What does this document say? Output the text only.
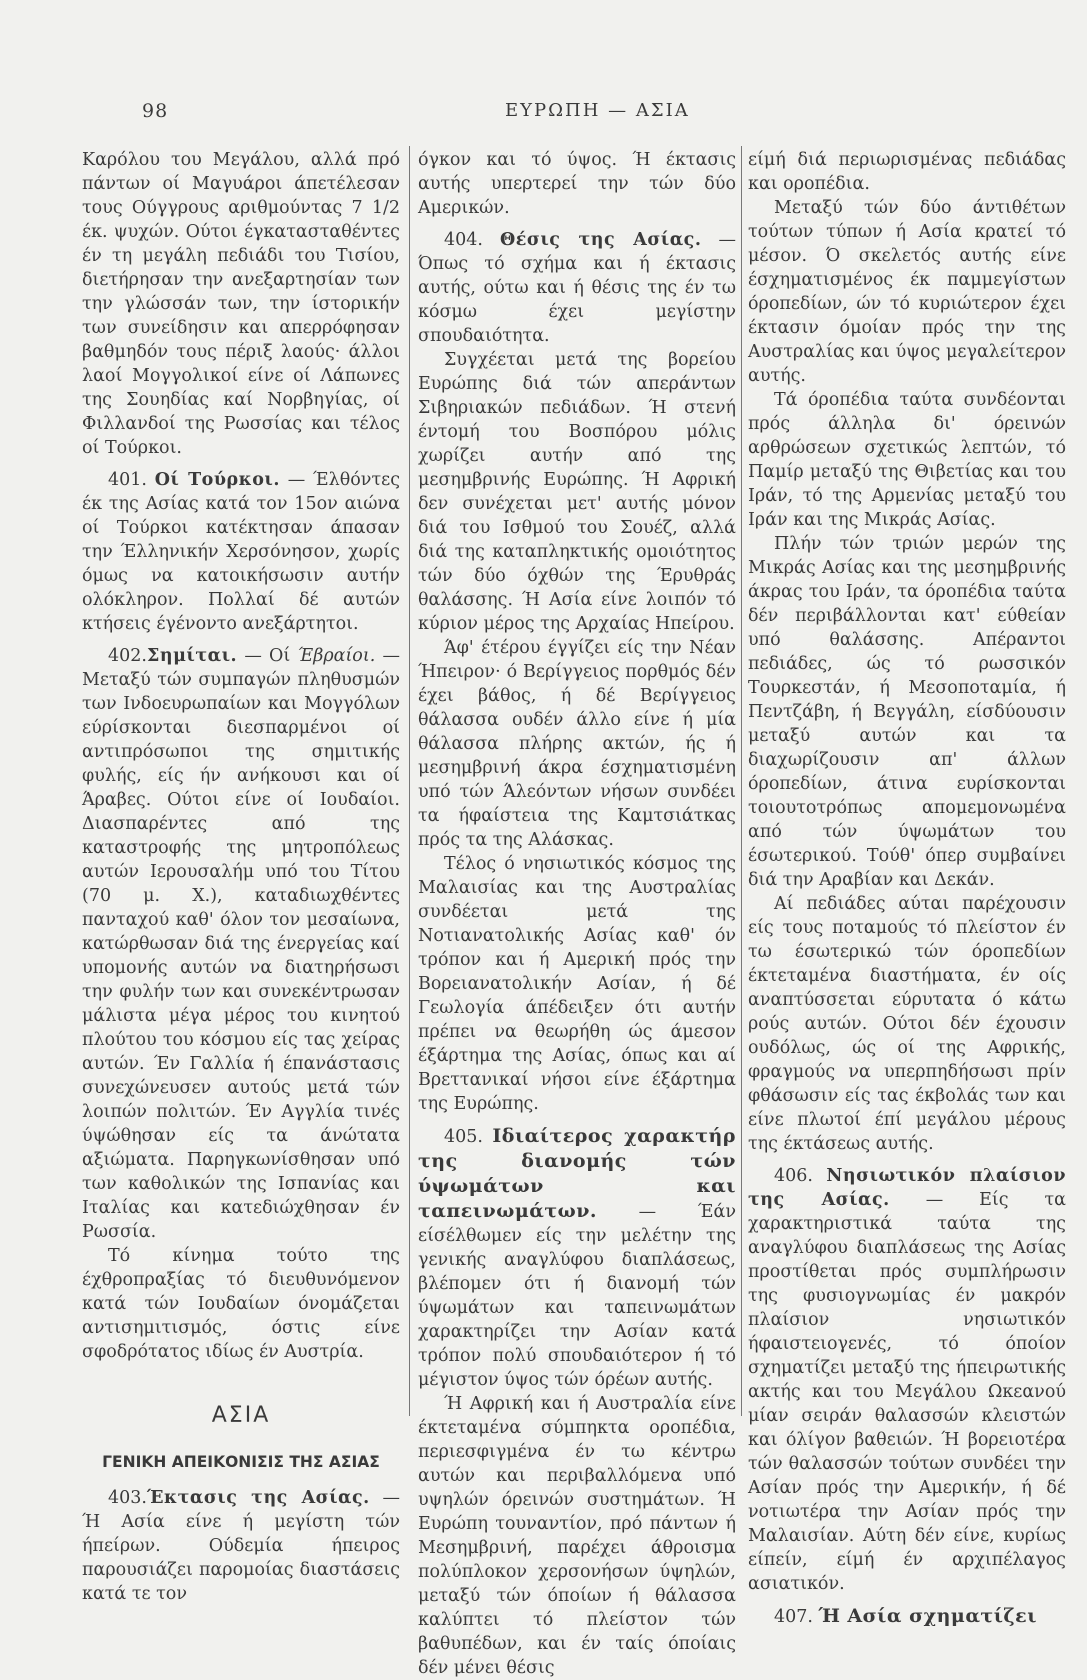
98	ΕΥΡΩΠΗ — ΑΣΙΑ

Καρόλου του Μεγάλου, αλλά πρό πάντων οί Μαγυάροι άπετέλεσαν τους Ούγγρους αριθμούντας 7 1/2 έκ. ψυχών. Ούτοι έγκατασταθέντες έν τη μεγάλη πεδιάδι του Τισίου, διετήρησαν την ανεξαρτησίαν των την γλώσσάν των, την ίστορικήν των συνείδησιν και απερρόφησαν βαθμηδόν τους πέριξ λαούς· άλλοι λαοί Μογγολικοί είνε οί Λάπωνες της Σουηδίας καί Νορβηγίας, οί Φιλλανδοί της Ρωσσίας και τέλος οί Τούρκοι.

401. Οί Τούρκοι. — Έλθόντες έκ της Ασίας κατά τον 15ον αιώνα οί Τούρκοι κατέκτησαν άπασαν την Έλληνικήν Χερσόνησον, χωρίς όμως να κατοικήσωσιν αυτήν ολόκληρον. Πολλαί δέ αυτών κτήσεις έγένοντο ανεξάρτητοι.

402.Σημίται. — Οί Έβραίοι. — Μεταξύ τών συμπαγών πληθυσμών των Ινδοευρωπαίων και Μογγόλων εύρίσκονται διεσπαρμένοι οί αντιπρόσωποι της σημιτικής φυλής, είς ήν ανήκουσι και οί Άραβες. Ούτοι είνε οί Ιουδαίοι. Διασπαρέντες από της καταστροφής της μητροπόλεως αυτών Ιερουσαλήμ υπό του Τίτου (70 μ. Χ.), καταδιωχθέντες πανταχού καθ' όλον τον μεσαίωνα, κατώρθωσαν διά της ένεργείας καί υπομονής αυτών να διατηρήσωσι την φυλήν των και συνεκέντρωσαν μάλιστα μέγα μέρος του κινητού πλούτου του κόσμου είς τας χείρας αυτών. Έν Γαλλία ή έπανάστασις συνεχώνευσεν αυτούς μετά τών λοιπών πολιτών. Έν Αγγλία τινές ύψώθησαν είς τα άνώτατα αξιώματα. Παρηγκωνίσθησαν υπό των καθολικών της Ισπανίας και Ιταλίας και κατεδιώχθησαν έν Ρωσσία.

Τό κίνημα τούτο της έχθροπραξίας τό διευθυνόμενον κατά τών Ιουδαίων όνομάζεται αντισημιτισμός, όστις είνε σφοδρότατος ιδίως έν Αυστρία.

ΑΣΙΑ
ΓΕΝΙΚΗ ΑΠΕΙΚΟΝΙΣΙΣ ΤΗΣ ΑΣΙΑΣ

403.Έκτασις της Ασίας. — Ή Ασία είνε ή μεγίστη τών ήπείρων. Ούδεμία ήπειρος παρουσιάζει παρομοίας διαστάσεις κατά τε τον

όγκον και τό ύψος. Ή έκτασις αυτής υπερτερεί την τών δύο Αμερικών.

404. Θέσις της Ασίας. — Όπως τό σχήμα και ή έκτασις αυτής, ούτω και ή θέσις της έν τω κόσμω έχει μεγίστην σπουδαιότητα.

Συγχέεται μετά της βορείου Ευρώπης διά τών απεράντων Σιβηριακών πεδιάδων. Ή στενή έντομή του Βοσπόρου μόλις χωρίζει αυτήν από της μεσημβρινής Ευρώπης. Ή Αφρική δεν συνέχεται μετ' αυτής μόνον διά του Ισθμού του Σουέζ, αλλά διά της καταπληκτικής ομοιότητος τών δύο όχθών της Έρυθράς θαλάσσης. Ή Ασία είνε λοιπόν τό κύριον μέρος της Αρχαίας Ηπείρου.

Άφ' έτέρου έγγίζει είς την Νέαν Ήπειρον· ό Βερίγγειος πορθμός δέν έχει βάθος, ή δέ Βερίγγειος θάλασσα ουδέν άλλο είνε ή μία θάλασσα πλήρης ακτών, ής ή μεσημβρινή άκρα έσχηματισμένη υπό τών Άλεόντων νήσων συνδέει τα ήφαίστεια της Καμτσιάτκας πρός τα της Αλάσκας.

Τέλος ό νησιωτικός κόσμος της Μαλαισίας και της Αυστραλίας συνδέεται μετά της Νοτιανατολικής Ασίας καθ' όν τρόπον και ή Αμερική πρός την Βορειανατολικήν Ασίαν, ή δέ Γεωλογία άπέδειξεν ότι αυτήν πρέπει να θεωρήθη ώς άμεσον έξάρτημα της Ασίας, όπως και αί Βρεττανικαί νήσοι είνε έξάρτημα της Ευρώπης.

405. Ιδιαίτερος χαρακτήρ της διανομής τών ύψωμάτων και ταπεινωμάτων. — Έάν είσέλθωμεν είς την μελέτην της γενικής αναγλύφου διαπλάσεως, βλέπομεν ότι ή διανομή τών ύψωμάτων και ταπεινωμάτων χαρακτηρίζει την Ασίαν κατά τρόπον πολύ σπουδαιότερον ή τό μέγιστον ύψος τών όρέων αυτής.

Ή Αφρική και ή Αυστραλία είνε έκτεταμένα σύμπηκτα οροπέδια, περιεσφιγμένα έν τω κέντρω αυτών και περιβαλλόμενα υπό υψηλών όρεινών συστημάτων. Ή Ευρώπη τουναντίον, πρό πάντων ή Μεσημβρινή, παρέχει άθροισμα πολύπλοκον χερσονήσων ύψηλών, μεταξύ τών όποίων ή θάλασσα καλύπτει τό πλείστον τών βαθυπέδων, και έν ταίς όποίαις δέν μένει θέσις

είμή διά περιωρισμένας πεδιάδας και οροπέδια.

Μεταξύ τών δύο άντιθέτων τούτων τύπων ή Ασία κρατεί τό μέσον. Ό σκελετός αυτής είνε έσχηματισμένος έκ παμμεγίστων όροπεδίων, ών τό κυριώτερον έχει έκτασιν όμοίαν πρός την της Αυστραλίας και ύψος μεγαλείτερον αυτής.

Τά όροπέδια ταύτα συνδέονται πρός άλληλα δι' όρεινών αρθρώσεων σχετικώς λεπτών, τό Παμίρ μεταξύ της Θιβετίας και του Ιράν, τό της Αρμενίας μεταξύ του Ιράν και της Μικράς Ασίας.

Πλήν τών τριών μερών της Μικράς Ασίας και της μεσημβρινής άκρας του Ιράν, τα όροπέδια ταύτα δέν περιβάλλονται κατ' εύθείαν υπό θαλάσσης. Απέραντοι πεδιάδες, ώς τό ρωσσικόν Τουρκεστάν, ή Μεσοποταμία, ή Πεντζάβη, ή Βεγγάλη, είσδύουσιν μεταξύ αυτών και τα διαχωρίζουσιν απ' άλλων όροπεδίων, άτινα ευρίσκονται τοιουτοτρόπως απομεμονωμένα από τών ύψωμάτων του έσωτερικού. Τούθ' όπερ συμβαίνει διά την Αραβίαν και Δεκάν.

Αί πεδιάδες αύται παρέχουσιν είς τους ποταμούς τό πλείστον έν τω έσωτερικώ τών όροπεδίων έκτεταμένα διαστήματα, έν οίς αναπτύσσεται εύρυτατα ό κάτω ρούς αυτών. Ούτοι δέν έχουσιν ουδόλως, ώς οί της Αφρικής, φραγμούς να υπερπηδήσωσι πρίν φθάσωσιν είς τας έκβολάς των και είνε πλωτοί έπί μεγάλου μέρους της έκτάσεως αυτής.

406. Νησιωτικόν πλαίσιον της Ασίας. — Είς τα χαρακτηριστικά ταύτα της αναγλύφου διαπλάσεως της Ασίας προστίθεται πρός συμπλήρωσιν της φυσιογνωμίας έν μακρόν πλαίσιον νησιωτικόν ήφαιστειογενές, τό όποίον σχηματίζει μεταξύ της ήπειρωτικής ακτής και του Μεγάλου Ωκεανού μίαν σειράν θαλασσών κλειστών και όλίγον βαθειών. Ή βορειοτέρα τών θαλασσών τούτων συνδέει την Ασίαν πρός την Αμερικήν, ή δέ νοτιωτέρα την Ασίαν πρός την Μαλαισίαν. Αύτη δέν είνε, κυρίως είπείν, είμή έν αρχιπέλαγος ασιατικόν.

407. Ή Ασία σχηματίζει
